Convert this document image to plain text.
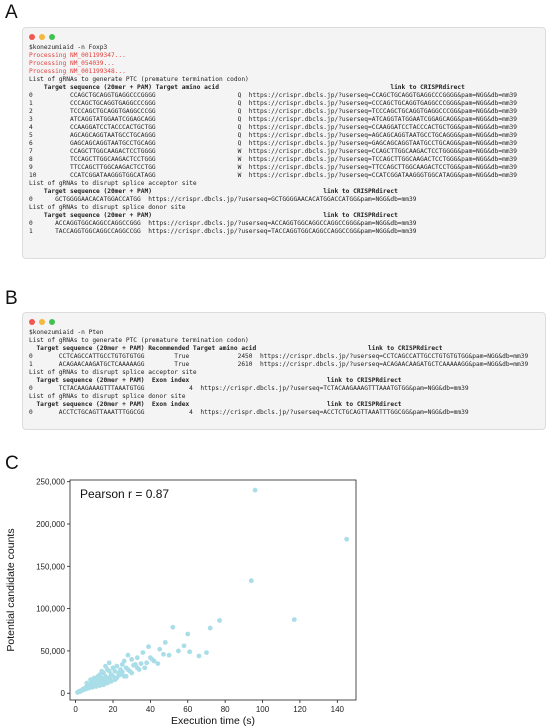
A
$konezumiaid -n Foxp3
Processing NM_001199347...
Processing NM_054039...
Processing NM_001199348...
List of gRNAs to generate PTC (premature termination codon)
Target sequence (20mer + PAM) Target amino acid                                              link to CRISPRdirect
0          CCAGCTGCAGGTGAGGCCCGGGG                      Q  https://crispr.dbcls.jp/?userseq=CCAGCTGCAGGTGAGGCCCGGGG&pam=NGG&db=mm39
1          CCCAGCTGCAGGTGAGGCCCGGG                      Q  https://crispr.dbcls.jp/?userseq=CCCAGCTGCAGGTGAGGCCCGGG&pam=NGG&db=mm39
2          TCCCAGCTGCAGGTGAGGCCCGG                      Q  https://crispr.dbcls.jp/?userseq=TCCCAGCTGCAGGTGAGGCCCGG&pam=NGG&db=mm39
3          ATCAGGTATGGAATCGGAGCAGG                      Q  https://crispr.dbcls.jp/?userseq=ATCAGGTATGGAATCGGAGCAGG&pam=NGG&db=mm39
4          CCAAGGATCCTACCCACTGCTGG                      Q  https://crispr.dbcls.jp/?userseq=CCAAGGATCCTACCCACTGCTGG&pam=NGG&db=mm39
5          AGCAGCAGGTAATGCCTGCAGGG                      Q  https://crispr.dbcls.jp/?userseq=AGCAGCAGGTAATGCCTGCAGGG&pam=NGG&db=mm39
6          GAGCAGCAGGTAATGCCTGCAGG                      Q  https://crispr.dbcls.jp/?userseq=GAGCAGCAGGTAATGCCTGCAGG&pam=NGG&db=mm39
7          CCAGCTTGGCAAGACTCCTGGGG                      W  https://crispr.dbcls.jp/?userseq=CCAGCTTGGCAAGACTCCTGGGG&pam=NGG&db=mm39
8          TCCAGCTTGGCAAGACTCCTGGG                      W  https://crispr.dbcls.jp/?userseq=TCCAGCTTGGCAAGACTCCTGGG&pam=NGG&db=mm39
9          TTCCAGCTTGGCAAGACTCCTGG                      W  https://crispr.dbcls.jp/?userseq=TTCCAGCTTGGCAAGACTCCTGG&pam=NGG&db=mm39
10         CCATCGGATAAGGGTGGCATAGG                      W  https://crispr.dbcls.jp/?userseq=CCATCGGATAAGGGTGGCATAGG&pam=NGG&db=mm39
List of gRNAs to disrupt splice acceptor site
Target sequence (20mer + PAM)                                              link to CRISPRdirect
0      GCTGGGGAACACATGGACCATGG  https://crispr.dbcls.jp/?userseq=GCTGGGGAACACATGGACCATGG&pam=NGG&db=mm39
List of gRNAs to disrupt splice donor site
Target sequence (20mer + PAM)                                              link to CRISPRdirect
0      ACCAGGTGGCAGGCCAGGCCGGG  https://crispr.dbcls.jp/?userseq=ACCAGGTGGCAGGCCAGGCCGGG&pam=NGG&db=mm39
1      TACCAGGTGGCAGGCCAGGCCGG  https://crispr.dbcls.jp/?userseq=TACCAGGTGGCAGGCCAGGCCGG&pam=NGG&db=mm39
B
$konezumiaid -n Pten
List of gRNAs to generate PTC (premature termination codon)
Target sequence (20mer + PAM) Recommended Target amino acid                              link to CRISPRdirect
0       CCTCAGCCATTGCCTGTGTGTGG        True             2450  https://crispr.dbcls.jp/?userseq=CCTCAGCCATTGCCTGTGTGTGG&pam=NGG&db=mm39
1       ACAGAACAAGATGCTCAAAAAGG        True             2610  https://crispr.dbcls.jp/?userseq=ACAGAACAAGATGCTCAAAAAGG&pam=NGG&db=mm39
List of gRNAs to disrupt splice acceptor site
Target sequence (20mer + PAM)  Exon index                                     link to CRISPRdirect
0       TCTACAAGAAAGTTTAAATGTGG            4  https://crispr.dbcls.jp/?userseq=TCTACAAGAAAGTTTAAATGTGG&pam=NGG&db=mm39
List of gRNAs to disrupt splice donor site
Target sequence (20mer + PAM)  Exon index                                     link to CRISPRdirect
0       ACCTCTGCAGTTAAATTTGGCGG            4  https://crispr.dbcls.jp/?userseq=ACCTCTGCAGTTAAATTTGGCGG&pam=NGG&db=mm39
C
0	20	40	60	80	100	120	140
0
50,000
100,000
150,000
200,000
250,000
Pearson r = 0.87
Execution time (s)
Potential candidate counts
